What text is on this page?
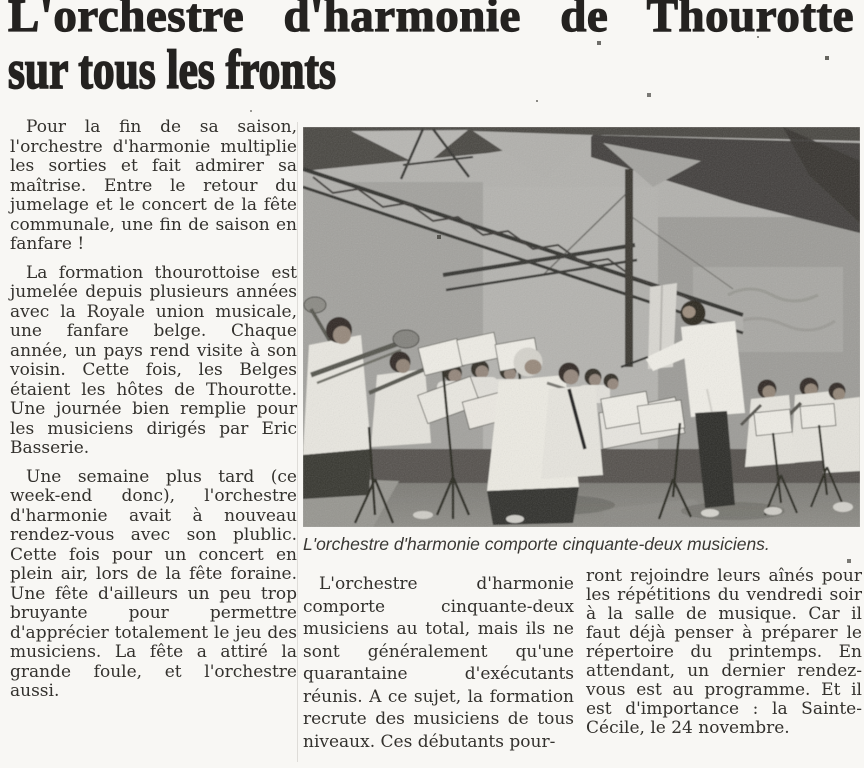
L'orchestre d'harmonie de Thourotte
sur tous les fronts

Pour la fin de sa saison, l'orchestre d'harmonie multiplie les sorties et fait admirer sa maîtrise. Entre le retour du jumelage et le concert de la fête communale, une fin de saison en fanfare !

La formation thourottoise est jumelée depuis plusieurs années avec la Royale union musicale, une fanfare belge. Chaque année, un pays rend visite à son voisin. Cette fois, les Belges étaient les hôtes de Thourotte. Une journée bien remplie pour les musiciens dirigés par Eric Basserie.

Une semaine plus tard (ce week-end donc), l'orchestre d'harmonie avait à nouveau rendez-vous avec son plublic. Cette fois pour un concert en plein air, lors de la fête foraine. Une fête d'ailleurs un peu trop bruyante pour permettre d'apprécier totalement le jeu des musiciens. La fête a attiré la grande foule, et l'orchestre aussi.

L'orchestre d'harmonie comporte cinquante-deux musiciens.

L'orchestre d'harmonie comporte cinquante-deux musiciens au total, mais ils ne sont généralement qu'une quarantaine d'exécutants réunis. A ce sujet, la formation recrute des musiciens de tous niveaux. Ces débutants pour-

ront rejoindre leurs aînés pour les répétitions du vendredi soir à la salle de musique. Car il faut déjà penser à préparer le répertoire du printemps. En attendant, un dernier rendez-vous est au programme. Et il est d'importance : la Sainte-Cécile, le 24 novembre.
